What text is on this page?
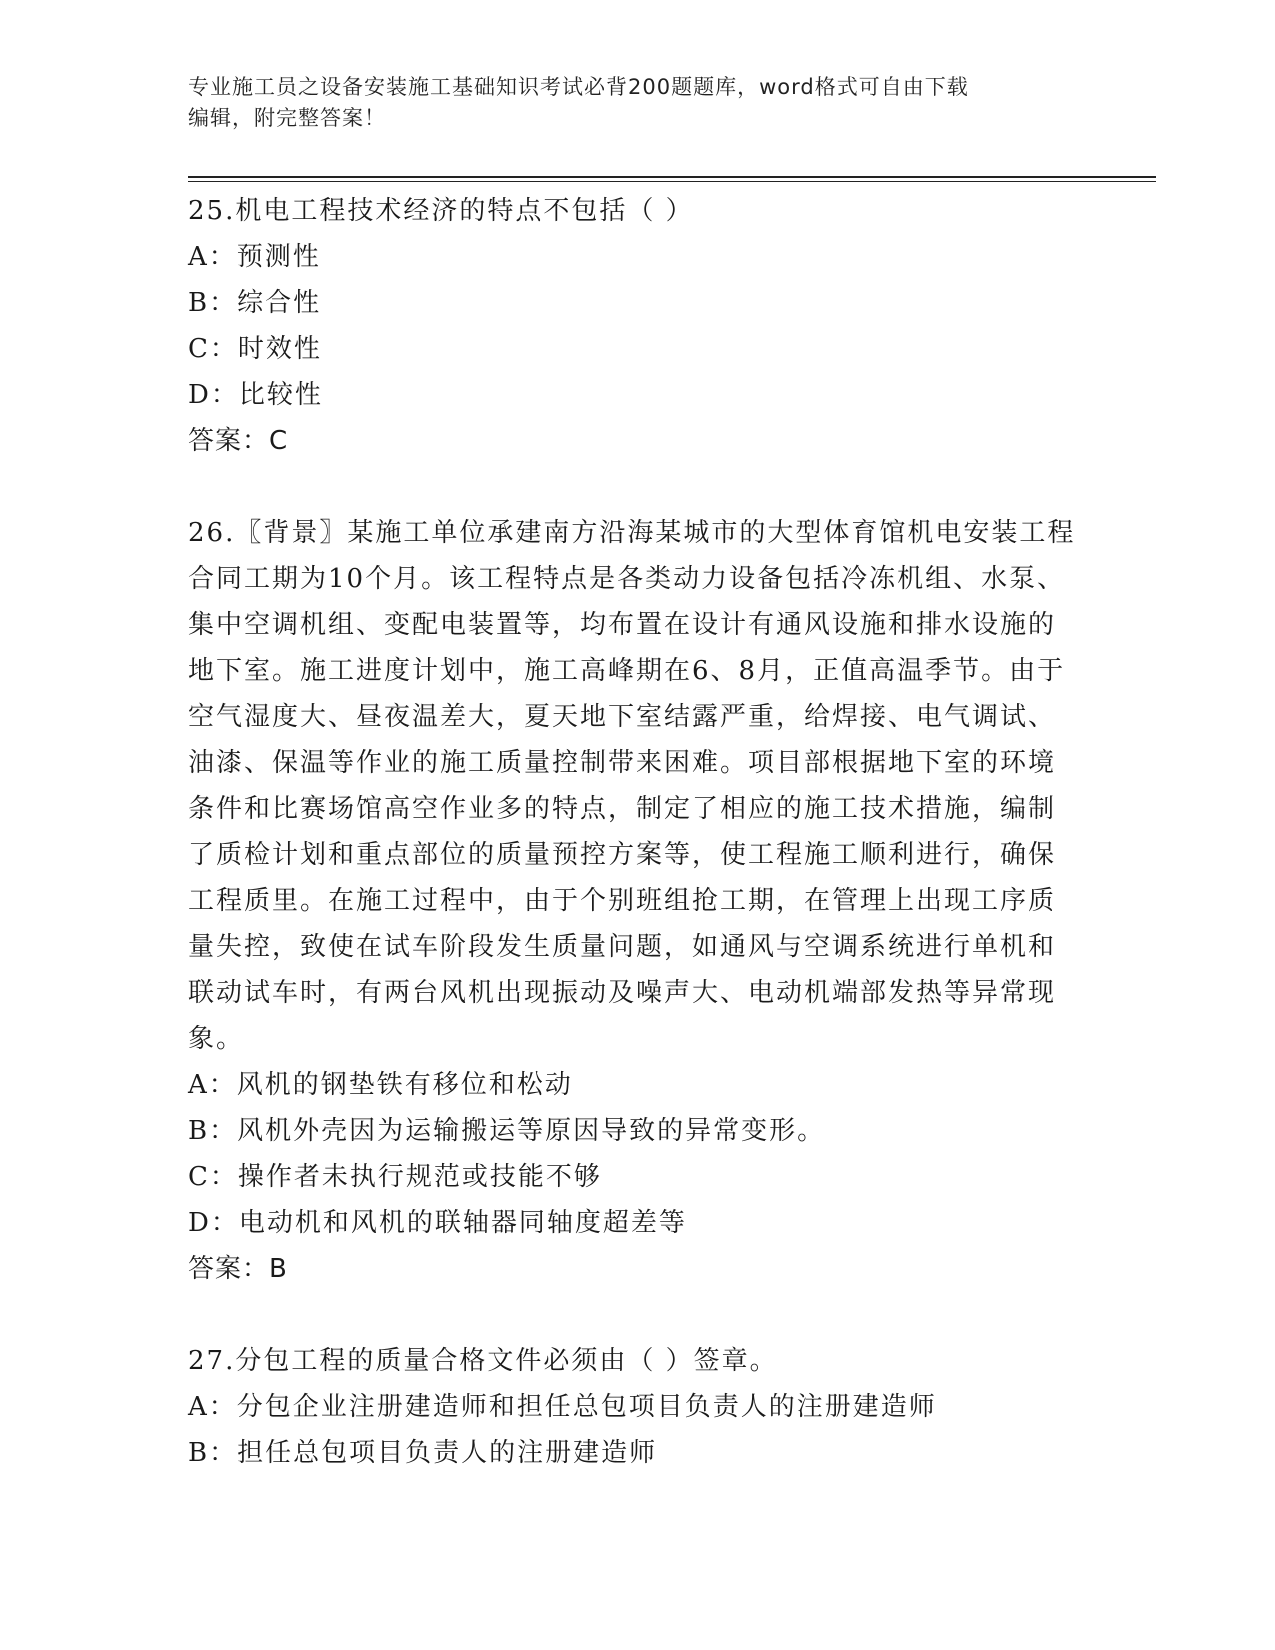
专业施工员之设备安装施工基础知识考试必背200题题库，word格式可自由下载
编辑，附完整答案！

25.机电工程技术经济的特点不包括（ ）

A：预测性

B：综合性

C：时效性

D：比较性

答案：C

26.〖背景〗某施工单位承建南方沿海某城市的大型体育馆机电安装工程合同工期为10个月。该工程特点是各类动力设备包括冷冻机组、水泵、集中空调机组、变配电装置等，均布置在设计有通风设施和排水设施的地下室。施工进度计划中，施工高峰期在6、8月，正值高温季节。由于空气湿度大、昼夜温差大，夏天地下室结露严重，给焊接、电气调试、油漆、保温等作业的施工质量控制带来困难。项目部根据地下室的环境条件和比赛场馆高空作业多的特点，制定了相应的施工技术措施，编制了质检计划和重点部位的质量预控方案等，使工程施工顺利进行，确保工程质里。在施工过程中，由于个别班组抢工期，在管理上出现工序质量失控，致使在试车阶段发生质量问题，如通风与空调系统进行单机和联动试车时，有两台风机出现振动及噪声大、电动机端部发热等异常现象。

A：风机的钢垫铁有移位和松动

B：风机外壳因为运输搬运等原因导致的异常变形。

C：操作者未执行规范或技能不够

D：电动机和风机的联轴器同轴度超差等

答案：B

27.分包工程的质量合格文件必须由（ ）签章。

A：分包企业注册建造师和担任总包项目负责人的注册建造师

B：担任总包项目负责人的注册建造师
